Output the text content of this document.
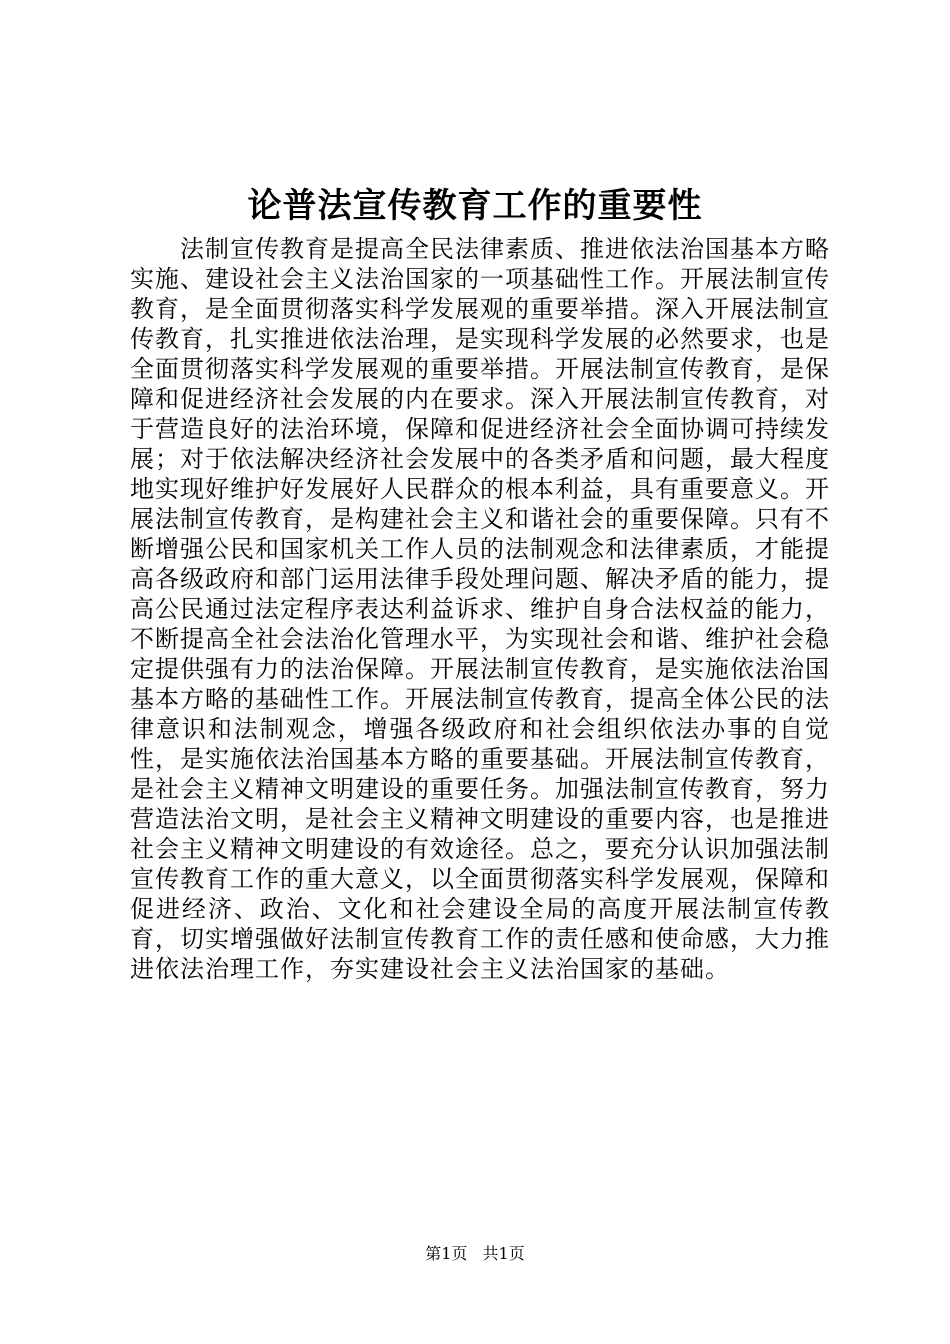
论普法宣传教育工作的重要性

法制宣传教育是提高全民法律素质、推进依法治国基本方略实施、建设社会主义法治国家的一项基础性工作。开展法制宣传教育，是全面贯彻落实科学发展观的重要举措。深入开展法制宣传教育，扎实推进依法治理，是实现科学发展的必然要求，也是全面贯彻落实科学发展观的重要举措。开展法制宣传教育，是保障和促进经济社会发展的内在要求。深入开展法制宣传教育，对于营造良好的法治环境，保障和促进经济社会全面协调可持续发展；对于依法解决经济社会发展中的各类矛盾和问题，最大程度地实现好维护好发展好人民群众的根本利益，具有重要意义。开展法制宣传教育，是构建社会主义和谐社会的重要保障。只有不断增强公民和国家机关工作人员的法制观念和法律素质，才能提高各级政府和部门运用法律手段处理问题、解决矛盾的能力，提高公民通过法定程序表达利益诉求、维护自身合法权益的能力，不断提高全社会法治化管理水平，为实现社会和谐、维护社会稳定提供强有力的法治保障。开展法制宣传教育，是实施依法治国基本方略的基础性工作。开展法制宣传教育，提高全体公民的法律意识和法制观念，增强各级政府和社会组织依法办事的自觉性，是实施依法治国基本方略的重要基础。开展法制宣传教育，是社会主义精神文明建设的重要任务。加强法制宣传教育，努力营造法治文明，是社会主义精神文明建设的重要内容，也是推进社会主义精神文明建设的有效途径。总之，要充分认识加强法制宣传教育工作的重大意义，以全面贯彻落实科学发展观，保障和促进经济、政治、文化和社会建设全局的高度开展法制宣传教育，切实增强做好法制宣传教育工作的责任感和使命感，大力推进依法治理工作，夯实建设社会主义法治国家的基础。

第1页 共1页
